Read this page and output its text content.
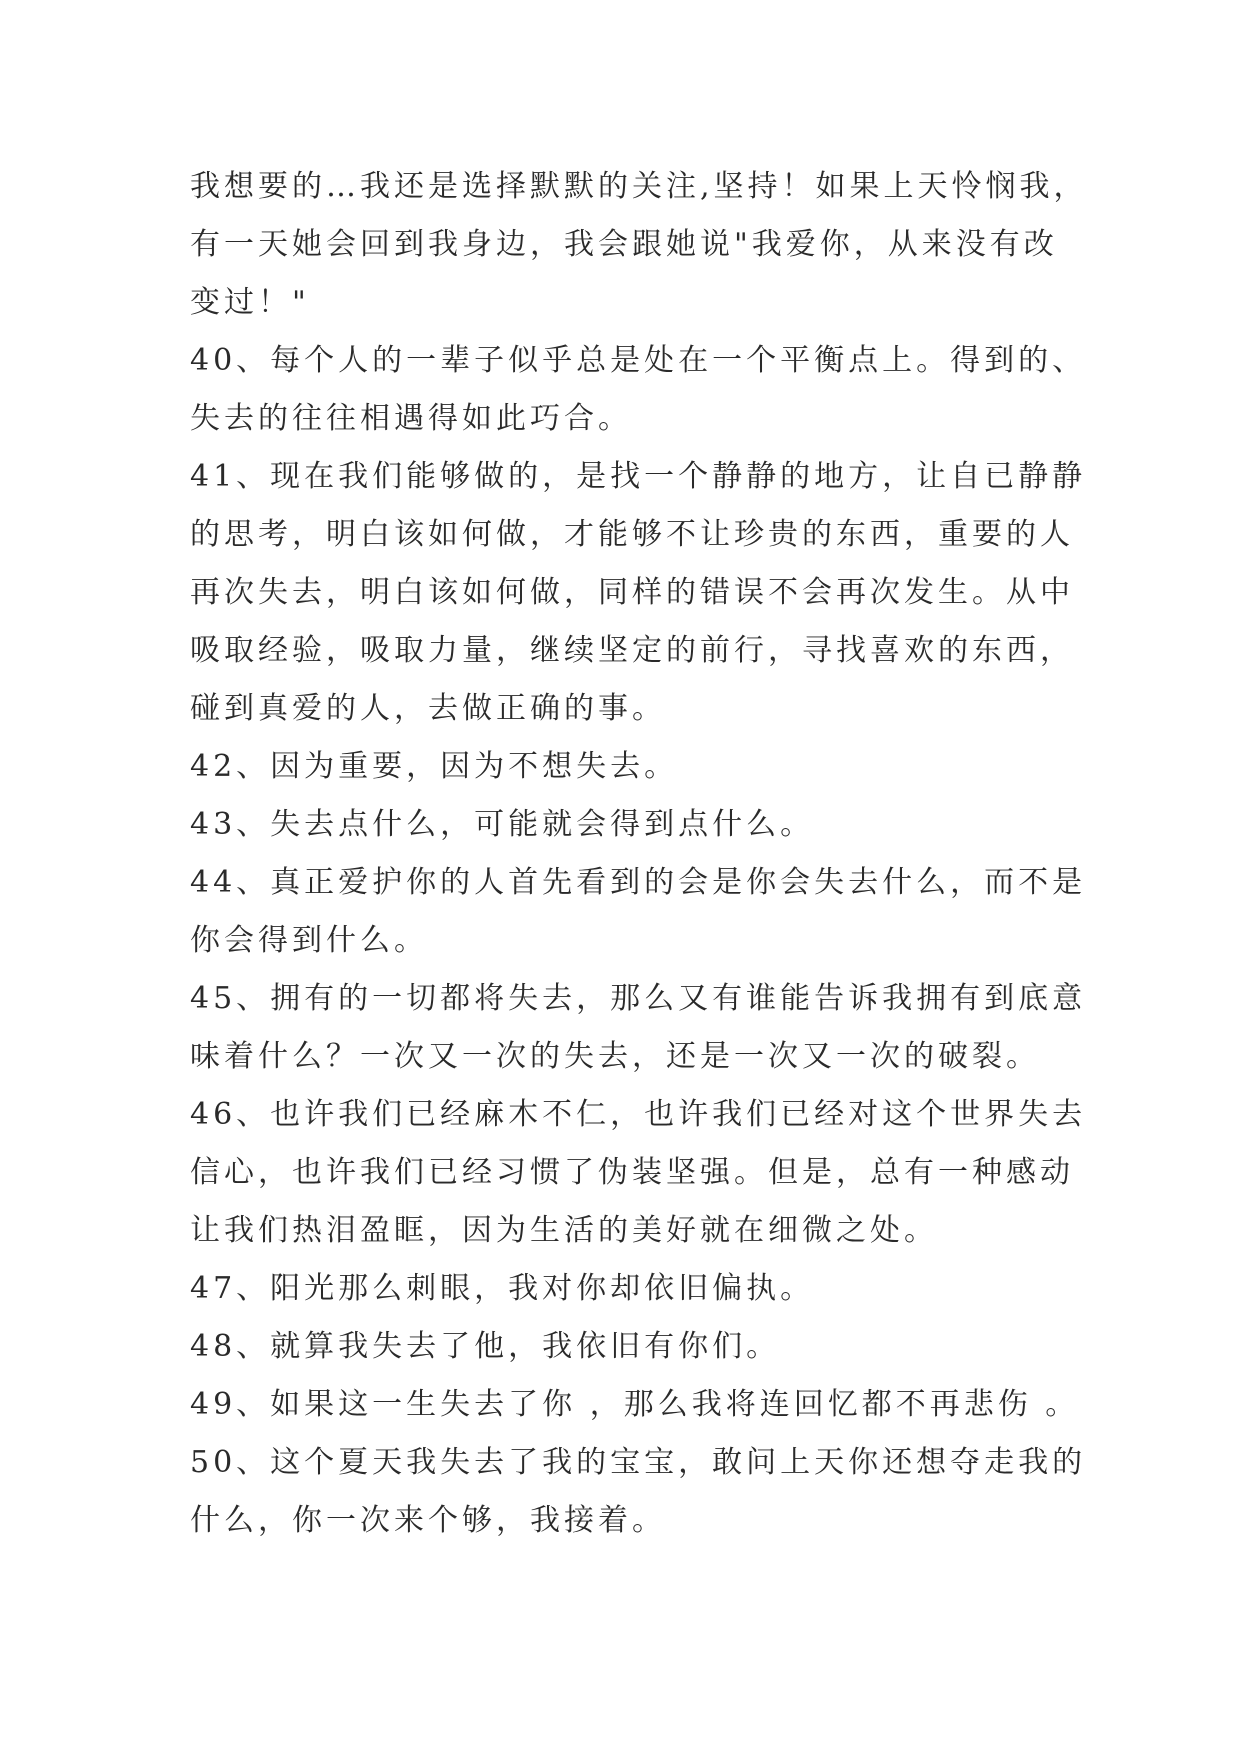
我想要的…我还是选择默默的关注,坚持！如果上天怜悯我，
有一天她会回到我身边，我会跟她说"我爱你，从来没有改
变过！"
40、每个人的一辈子似乎总是处在一个平衡点上。得到的、
失去的往往相遇得如此巧合。
41、现在我们能够做的，是找一个静静的地方，让自已静静
的思考，明白该如何做，才能够不让珍贵的东西，重要的人
再次失去，明白该如何做，同样的错误不会再次发生。从中
吸取经验，吸取力量，继续坚定的前行，寻找喜欢的东西，
碰到真爱的人，去做正确的事。
42、因为重要，因为不想失去。
43、失去点什么，可能就会得到点什么。
44、真正爱护你的人首先看到的会是你会失去什么，而不是
你会得到什么。
45、拥有的一切都将失去，那么又有谁能告诉我拥有到底意
味着什么？一次又一次的失去，还是一次又一次的破裂。
46、也许我们已经麻木不仁，也许我们已经对这个世界失去
信心，也许我们已经习惯了伪装坚强。但是，总有一种感动
让我们热泪盈眶，因为生活的美好就在细微之处。
47、阳光那么刺眼，我对你却依旧偏执。
48、就算我失去了他，我依旧有你们。
49、如果这一生失去了你 ，那么我将连回忆都不再悲伤 。
50、这个夏天我失去了我的宝宝，敢问上天你还想夺走我的
什么，你一次来个够，我接着。
